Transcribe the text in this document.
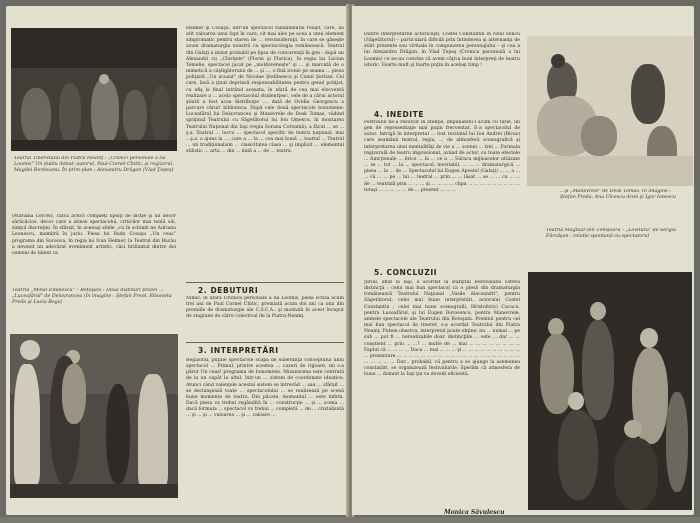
Teatrul Tineretului din Piatra Neamţ : „Cronici personale a lui Loomis" Un dublu debut: autorul, Paul-Cornel Chitic, şi regizorul, Magdei Bordeianu. În prim-plan : Alexandru Drăgan (Vlad Ţepeş)
(Mariana Cercel), câtva actori compleţi lipsiţi de dicţie şi un decor sărăcăcios, decor care a atinse spectacolul, criticilor mai tentă săi, simţul discreţiei. În sfârşit, în aceeaşi zilele „cu în schimb ne Adriana Leonescu, membră în juriu. Piesa lui Radu Cosaşu „Un ceas” programa din Suceava, în regia lui Ivan Helmer, la Teatrul din Bacău a devenit un adevărat eveniment artistic, căci brillantul dintre doi oameni de talent ca
Teatrul „Mihai Eminescu" – Botoşani : Două distihuri prozei ... „Luceafărul" de Delavrancea (în imagine : Ştefan Preot, Elisaveta Preda şi Lucia Boga)
Helmer şi Cosaşu, într-un spectacol fundamental reuşit, care, au atit valoarea unui fapt în care, cit mai ales pe acea a unui element simptomatic pentru starea de ... reconsideraţii, în care se găseşte acum dramaturgia noastră ca spectacologia românească. Teatrul din Galaţi a mizat probabil pe lipsa de concurenţă în gen : după un Alexandri cu „Chiriţele" (Florin şi Florica), în regia lui Lucian Temelie, spectacol jucat pe „moldoveneşte" şi ... şi marcată de o mimetică a câştigătorului de ... şi ..., o fină ironie pe seama ... piesa poliţistă „Un acuzat" de Nicolae Ştefănescu şi Camil Şerban. Cel care, însă a ţinut deprinsă responsabilitatea pentru genul poliţist, cu afiş la final intrând aceasta, în afară de cea mai elocventă realizare a ... acela spectacolul studentţesc, cele de a cărui actorul ştiută a fost acea distribuţie ..., dată de Ovidiu Georgescu a parcurs căruri biblioteca. După cele două spectacole bonomene: Luceafărul lui Delavrancea şi Manevrele de Desk Tomas, vădind sprijinul Teatrului cu Săgetătorul lui Ion Omescu, în montarea Teatrului Naţional din Iaşi (regia Sorana Coroamă), a făcut ... se ... ş.a. Teatrul ... lucru ... spectacol specific de teatru naţional, mai ...ş.a. a ajuns la ..., care a ... la ... cea mai bună ... teatral ... Teatrul ... un tradiţionalism ... clasicitatea clasa ... şi implicit ... elementul stilistic ... arta ... din ... dată a ... de ... teatru.
2. DEBUTURI
Nimic, în afara Cronicii personale a lui Loomis, piesă scrisă acum trei ani de Paul Cornel Chitic, premiată acum doi ani ca una din premiile de dramaturgie ale C.S.C.A.: şi montată în acest început de stagiune de către colectivul de la Piatra-Neamţ.
3. INTERPRETĂRI
Regizoral, puţine spectacole scapă de suberanţa conceptului unui spectacol ... Primul, printre acestea ... cazuri de rigoare, mi s-a părut Un ceas! programa de bonomene. Mizanscena este centrată de la un capăt la altul, într-un ... sistem de coordonate ideatice. Atunci când valenţele acestui sistem se întrevăd ... sau ... sfârşit ... se declanşează toate ... spectacolului ... se realizează pe scenă bune momente de teatru. Din păcate, momentul ... este infirm. Dacă piesa va trebui regândită în ... construcţie ... şi ... scena ... dacă formula ... spectacol va trebui ... completă ... de ... cristalizată ... şi ... şi ... valoarea ... şi ... valoare ...
Dintre interpretările actoriceşti, Costel Constantin în rolul Hincu (Săgetătorul) – particulară dificilă prin întinderea şi alternanţa de stări prezente sau virtuale în compunerea personajului – şi cea a lui Alexandru Drăgan, în Vlad Ţepeş (Cronica personală a lui Loomis) ce ne-au convins că avem câţiva buni interpreţi de teatru istoric. Foarte mult şi foarte puţin în acelaşi timp !
4. INEDITE
Festivalul ne-a rezolvat în atenţie, impunându-l acum cu tărie, un gen de reprezentaţie mai puţin frecventat. E-a spectacolul de autor. Intrigă în interpretul ... fost recitalul lui Ion Andrei (Bicaz) care seamănă teatral, regia, ... de atmosferă scenografică şi interpretarea unei mentalităţi de vie a ... scenei ... trei ... Formula regizorală de teatru impresionat, având de actor, cu toate efectele ... funcţionale ... lirice ... la ... ce a ... Săraca mijloacelor utilizate ... se ... tot ... la ... spectacol, inevitabil, ... ... ... dramaturgică ... piesa ... la ... de ... Spectacolul lui Eugen Apostol (Galaţi) ... ... a ... ... că ... ... pe ... lui ... teatral ... prin ... ... lăsat ... se ... ... cu ... ... de ... teatrală prin ... ... ... şi ... ... ... ... clipa ... ... ... ... ... ... ... ... ... totuşi ... ... ... ... ... de ... prezent ... ... ...
5. CONCLUZII
Juriul, aflat la Iaşi, a acordat la sfârşitul Festivalului câteva distincţii : celui mai bun spectacol ca o piesă din dramaturgia românească Teatrului Naţional „Vasile Alecsandri", pentru Săgetătorul; celei mai bune interpretări, actorului Costel Constantin ; celei mai bune scenografii, Hristoforici Cacacu, pentru Luceafărul, şi lui Eugen Dorosencu, pentru Manevrele, ambele spectacole ale Teatrului din Botoşani. Premiul pentru cel mai bun spectacol de tineret, s-a acordat Teatrului din Piatra Neamţ. Putem observa, interpretul poate obţine, nu ... numai ... pe sub ... pot fi ... nerealizabile doar, distincţiile ... este ... dar ... ... conştient ... prin ... ...? ... multe de ... mai ... ... ... ... ... ... ... ... Faptul că ... ... ... ... Daca ... mai ... ... ... şi ... ... ... ... ... ... ... ... ... ... ... prezentare ... ... ... ... ... ... ... ... ... ... ... ... ... ... ... ... ... ... ... ... ... ... ... ... ... ... Dar... probabil, că pentru a se ajunge la asemenea constatări, se organizează festivalurile. Sperăm că atmosfera de bune ... domnit la Iaşi ţin va dovedi eficientă.
...şi „Manevrele" de Desk Tomas. În imagine : Ştefan Preda, Ana Ulcescu-Aron şi Igor Ionescu
Teatrul Maghiar din Timişoara – „Lovitura" de Sergiu Fărcăşan : relatie spontană cu spectatorul
Monica Săvulescu
